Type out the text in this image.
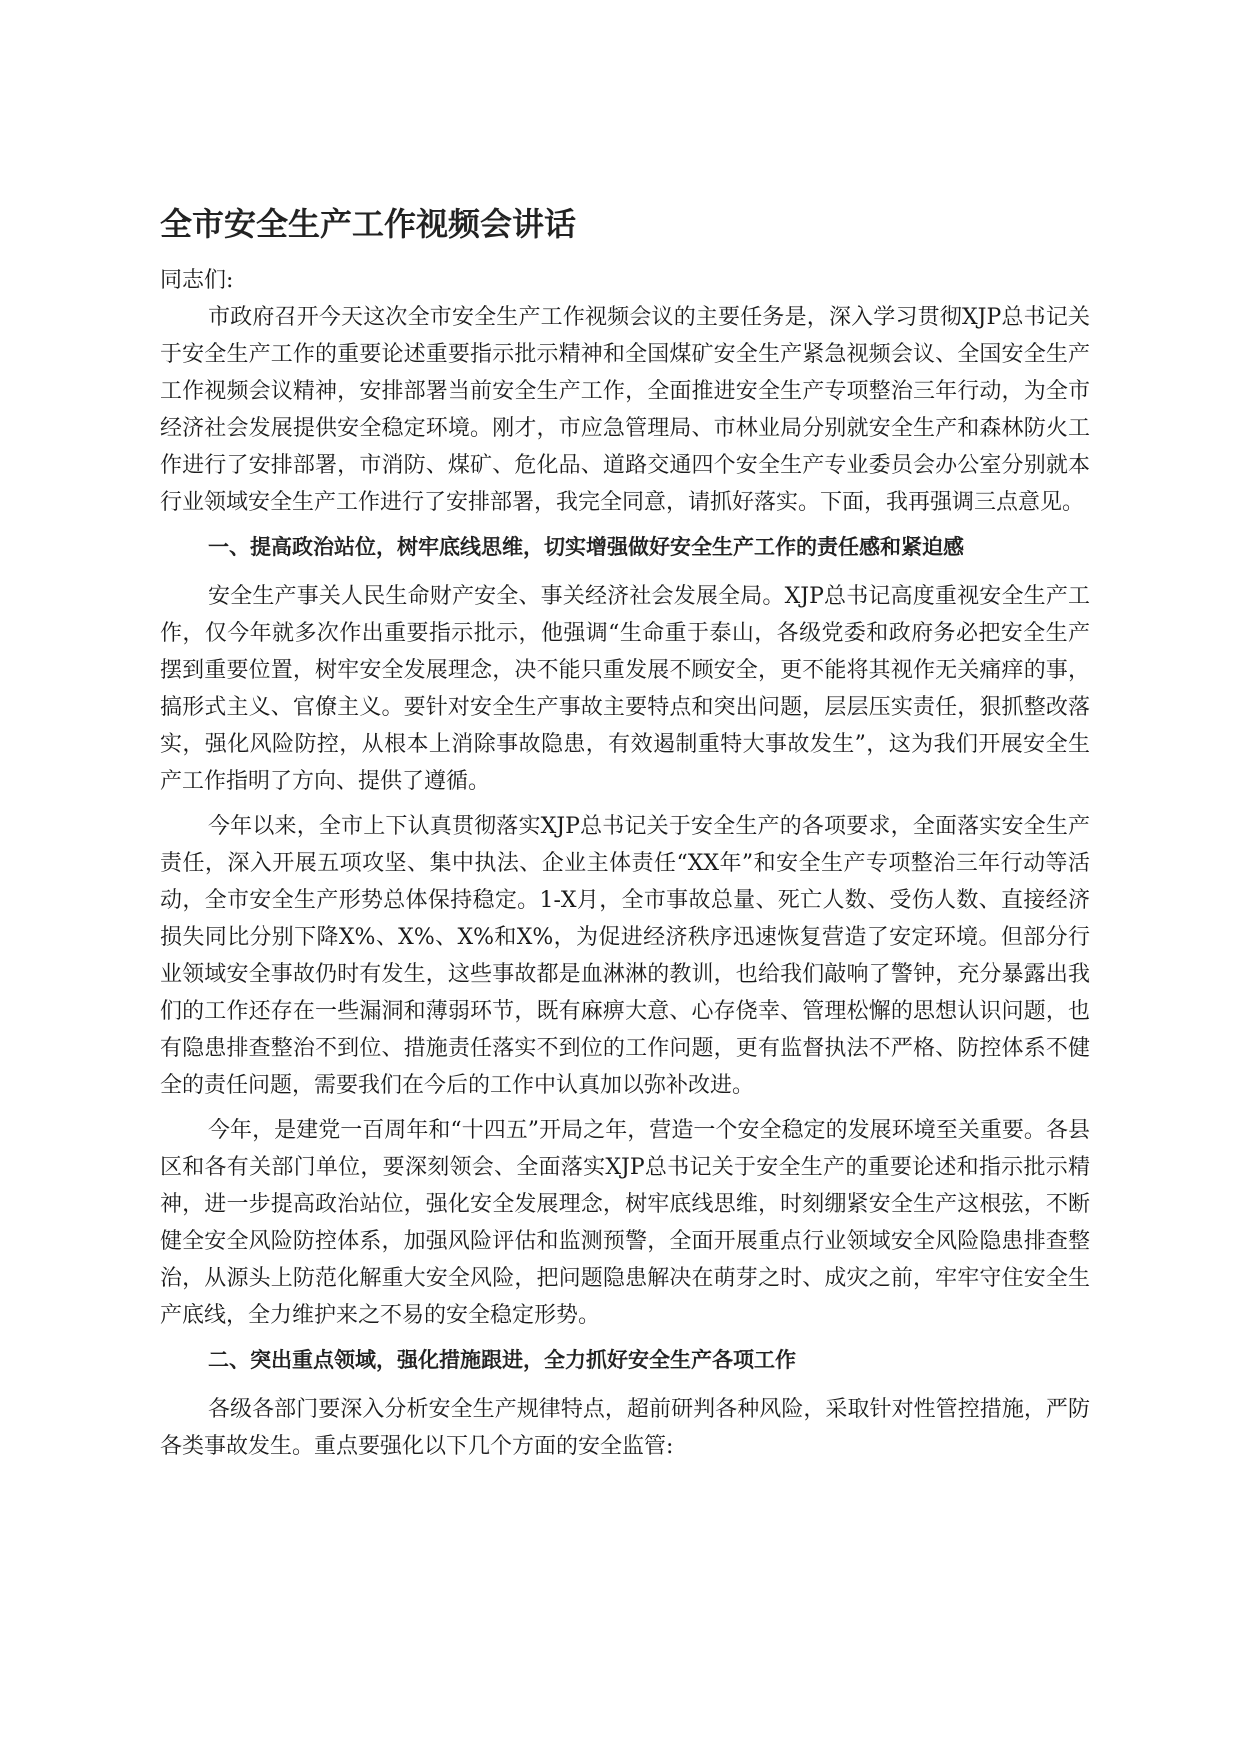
全市安全生产工作视频会讲话

同志们:

市政府召开今天这次全市安全生产工作视频会议的主要任务是，深入学习贯彻XJP总书记关于安全生产工作的重要论述重要指示批示精神和全国煤矿安全生产紧急视频会议、全国安全生产工作视频会议精神，安排部署当前安全生产工作，全面推进安全生产专项整治三年行动，为全市经济社会发展提供安全稳定环境。刚才，市应急管理局、市林业局分别就安全生产和森林防火工作进行了安排部署，市消防、煤矿、危化品、道路交通四个安全生产专业委员会办公室分别就本行业领域安全生产工作进行了安排部署，我完全同意，请抓好落实。下面，我再强调三点意见。

一、提高政治站位，树牢底线思维，切实增强做好安全生产工作的责任感和紧迫感

安全生产事关人民生命财产安全、事关经济社会发展全局。XJP总书记高度重视安全生产工作，仅今年就多次作出重要指示批示，他强调“生命重于泰山，各级党委和政府务必把安全生产摆到重要位置，树牢安全发展理念，决不能只重发展不顾安全，更不能将其视作无关痛痒的事，搞形式主义、官僚主义。要针对安全生产事故主要特点和突出问题，层层压实责任，狠抓整改落实，强化风险防控，从根本上消除事故隐患，有效遏制重特大事故发生”，这为我们开展安全生产工作指明了方向、提供了遵循。

今年以来，全市上下认真贯彻落实XJP总书记关于安全生产的各项要求，全面落实安全生产责任，深入开展五项攻坚、集中执法、企业主体责任“XX年”和安全生产专项整治三年行动等活动，全市安全生产形势总体保持稳定。1-X月，全市事故总量、死亡人数、受伤人数、直接经济损失同比分别下降X%、X%、X%和X%，为促进经济秩序迅速恢复营造了安定环境。但部分行业领域安全事故仍时有发生，这些事故都是血淋淋的教训，也给我们敲响了警钟，充分暴露出我们的工作还存在一些漏洞和薄弱环节，既有麻痹大意、心存侥幸、管理松懈的思想认识问题，也有隐患排查整治不到位、措施责任落实不到位的工作问题，更有监督执法不严格、防控体系不健全的责任问题，需要我们在今后的工作中认真加以弥补改进。

今年，是建党一百周年和“十四五”开局之年，营造一个安全稳定的发展环境至关重要。各县区和各有关部门单位，要深刻领会、全面落实XJP总书记关于安全生产的重要论述和指示批示精神，进一步提高政治站位，强化安全发展理念，树牢底线思维，时刻绷紧安全生产这根弦，不断健全安全风险防控体系，加强风险评估和监测预警，全面开展重点行业领域安全风险隐患排查整治，从源头上防范化解重大安全风险，把问题隐患解决在萌芽之时、成灾之前，牢牢守住安全生产底线，全力维护来之不易的安全稳定形势。

二、突出重点领域，强化措施跟进，全力抓好安全生产各项工作

各级各部门要深入分析安全生产规律特点，超前研判各种风险，采取针对性管控措施，严防各类事故发生。重点要强化以下几个方面的安全监管:
